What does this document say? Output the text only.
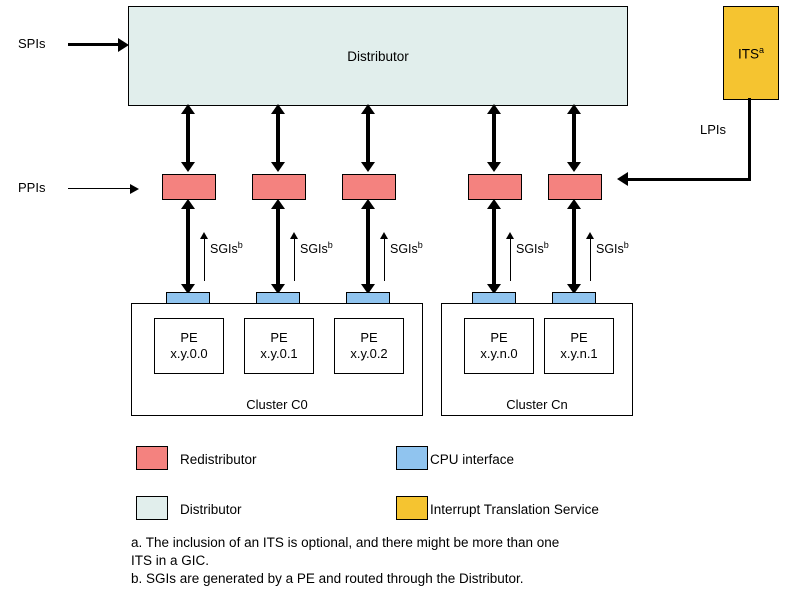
Distributor	ITS$^a$
SPIs
PPIs
LPIs
SGIs$^b$	SGIs$^b$	SGIs$^b$	SGIs$^b$	SGIs$^b$
PE
x.y.0.0
PE
x.y.0.1
PE
x.y.0.2
Cluster C0
PE
x.y.n.0
PE
x.y.n.1
Cluster Cn
Redistributor	CPU interface
Distributor	Interrupt Translation Service
a. The inclusion of an ITS is optional, and there might be more than one
ITS in a GIC.
b. SGIs are generated by a PE and routed through the Distributor.
